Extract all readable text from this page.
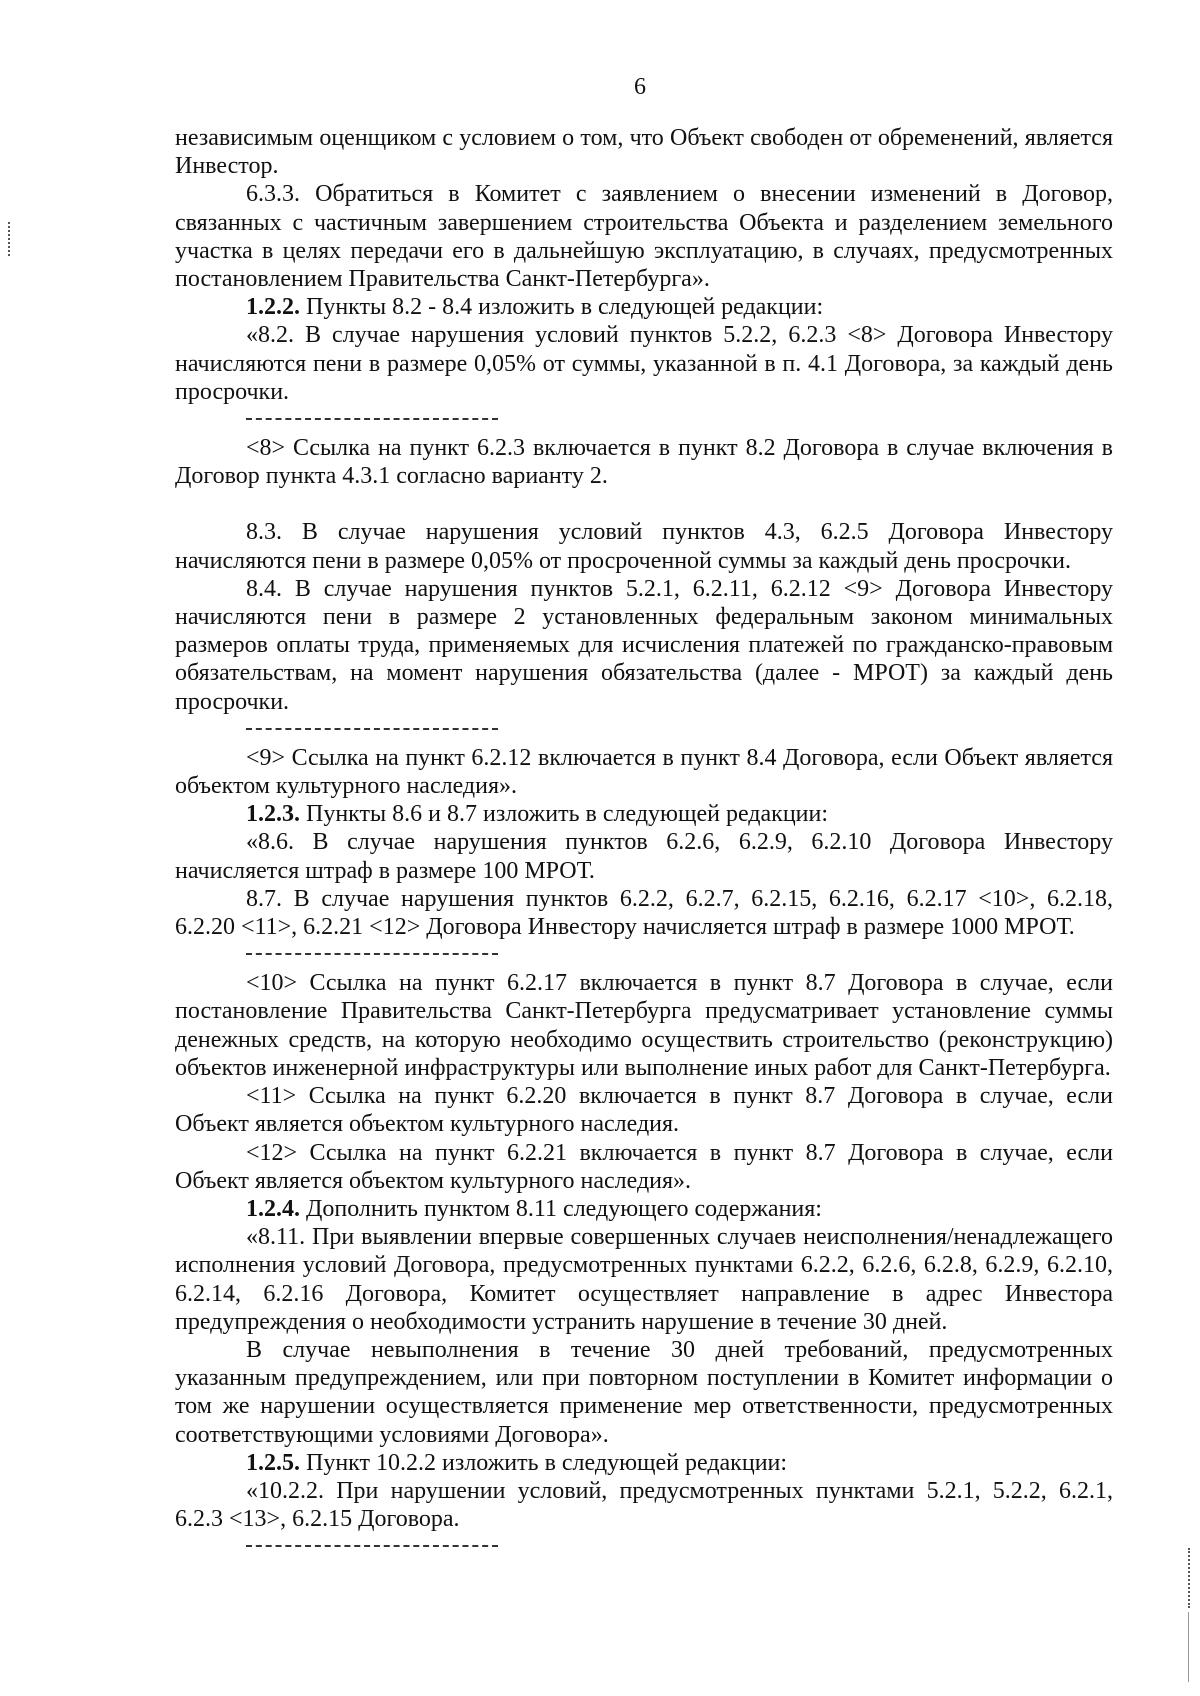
6

независимым оценщиком с условием о том, что Объект свободен от обременений, является Инвестор.

6.3.3. Обратиться в Комитет с заявлением о внесении изменений в Договор, связанных с частичным завершением строительства Объекта и разделением земельного участка в целях передачи его в дальнейшую эксплуатацию, в случаях, предусмотренных постановлением Правительства Санкт-Петербурга».

1.2.2. Пункты 8.2 - 8.4 изложить в следующей редакции:

«8.2. В случае нарушения условий пунктов 5.2.2, 6.2.3 <8> Договора Инвестору начисляются пени в размере 0,05% от суммы, указанной в п. 4.1 Договора, за каждый день просрочки.

<8> Ссылка на пункт 6.2.3 включается в пункт 8.2 Договора в случае включения в Договор пункта 4.3.1 согласно варианту 2.

8.3. В случае нарушения условий пунктов 4.3, 6.2.5 Договора Инвестору начисляются пени в размере 0,05% от просроченной суммы за каждый день просрочки.

8.4. В случае нарушения пунктов 5.2.1, 6.2.11, 6.2.12 <9> Договора Инвестору начисляются пени в размере 2 установленных федеральным законом минимальных размеров оплаты труда, применяемых для исчисления платежей по гражданско-правовым обязательствам, на момент нарушения обязательства (далее - МРОТ) за каждый день просрочки.

<9> Ссылка на пункт 6.2.12 включается в пункт 8.4 Договора, если Объект является объектом культурного наследия».

1.2.3. Пункты 8.6 и 8.7 изложить в следующей редакции:

«8.6. В случае нарушения пунктов 6.2.6, 6.2.9, 6.2.10 Договора Инвестору начисляется штраф в размере 100 МРОТ.

8.7. В случае нарушения пунктов 6.2.2, 6.2.7, 6.2.15, 6.2.16, 6.2.17 <10>, 6.2.18, 6.2.20 <11>, 6.2.21 <12> Договора Инвестору начисляется штраф в размере 1000 МРОТ.

<10> Ссылка на пункт 6.2.17 включается в пункт 8.7 Договора в случае, если постановление Правительства Санкт-Петербурга предусматривает установление суммы денежных средств, на которую необходимо осуществить строительство (реконструкцию) объектов инженерной инфраструктуры или выполнение иных работ для Санкт-Петербурга.

<11> Ссылка на пункт 6.2.20 включается в пункт 8.7 Договора в случае, если Объект является объектом культурного наследия.

<12> Ссылка на пункт 6.2.21 включается в пункт 8.7 Договора в случае, если Объект является объектом культурного наследия».

1.2.4. Дополнить пунктом 8.11 следующего содержания:

«8.11. При выявлении впервые совершенных случаев неисполнения/ненадлежащего исполнения условий Договора, предусмотренных пунктами 6.2.2, 6.2.6, 6.2.8, 6.2.9, 6.2.10, 6.2.14, 6.2.16 Договора, Комитет осуществляет направление в адрес Инвестора предупреждения о необходимости устранить нарушение в течение 30 дней.

В случае невыполнения в течение 30 дней требований, предусмотренных указанным предупреждением, или при повторном поступлении в Комитет информации о том же нарушении осуществляется применение мер ответственности, предусмотренных соответствующими условиями Договора».

1.2.5. Пункт 10.2.2 изложить в следующей редакции:

«10.2.2. При нарушении условий, предусмотренных пунктами 5.2.1, 5.2.2, 6.2.1, 6.2.3 <13>, 6.2.15 Договора.
